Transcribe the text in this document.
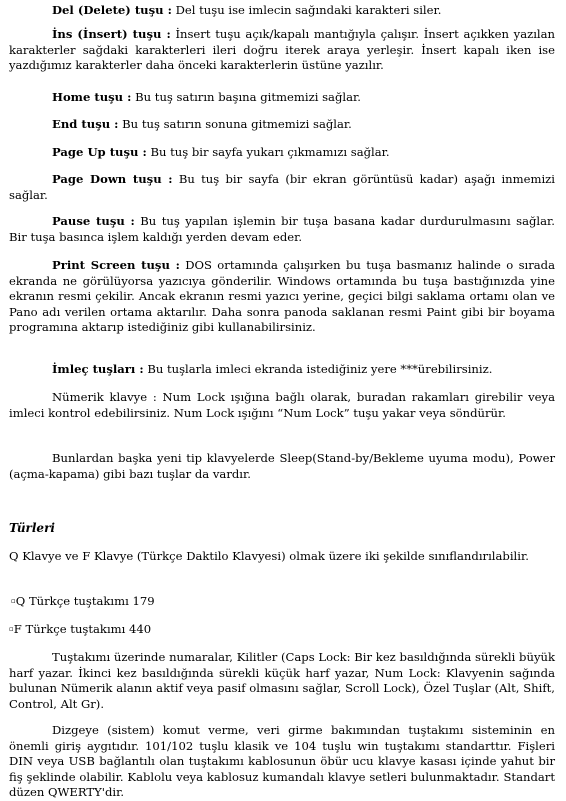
Del (Delete) tuşu : Del tuşu ise imlecin sağındaki karakteri siler.

İns (İnsert) tuşu : İnsert tuşu açık/kapalı mantığıyla çalışır. İnsert açıkken yazılan karakterler sağdaki karakterleri ileri doğru iterek araya yerleşir. İnsert kapalı iken ise yazdığımız karakterler daha önceki karakterlerin üstüne yazılır.

Home tuşu : Bu tuş satırın başına gitmemizi sağlar.

End tuşu : Bu tuş satırın sonuna gitmemizi sağlar.

Page Up tuşu : Bu tuş bir sayfa yukarı çıkmamızı sağlar.

Page Down tuşu : Bu tuş bir sayfa (bir ekran görüntüsü kadar) aşağı inmemizi sağlar.

Pause tuşu : Bu tuş yapılan işlemin bir tuşa basana kadar durdurulmasını sağlar. Bir tuşa basınca işlem kaldığı yerden devam eder.

Print Screen tuşu : DOS ortamında çalışırken bu tuşa basmanız halinde o sırada ekranda ne görülüyorsa yazıcıya gönderilir. Windows ortamında bu tuşa bastığınızda yine ekranın resmi çekilir. Ancak ekranın resmi yazıcı yerine, geçici bilgi saklama ortamı olan ve Pano adı verilen ortama aktarılır. Daha sonra panoda saklanan resmi Paint gibi bir boyama programına aktarıp istediğiniz gibi kullanabilirsiniz.

İmleç tuşları : Bu tuşlarla imleci ekranda istediğiniz yere ***ürebilirsiniz.

Nümerik klavye : Num Lock ışığına bağlı olarak, buradan rakamları girebilir veya imleci kontrol edebilirsiniz. Num Lock ışığını “Num Lock” tuşu yakar veya söndürür.

Bunlardan başka yeni tip klavyelerde Sleep(Stand-by/Bekleme uyuma modu), Power (açma-kapama) gibi bazı tuşlar da vardır.

Türleri

Q Klavye ve F Klavye (Türkçe Daktilo Klavyesi) olmak üzere iki şekilde sınıflandırılabilir.

▫Q Türkçe tuştakımı 179

▫F Türkçe tuştakımı 440

Tuştakımı üzerinde numaralar, Kilitler (Caps Lock: Bir kez basıldığında sürekli büyük harf yazar. İkinci kez basıldığında sürekli küçük harf yazar, Num Lock: Klavyenin sağında bulunan Nümerik alanın aktif veya pasif olmasını sağlar, Scroll Lock), Özel Tuşlar (Alt, Shift, Control, Alt Gr).

Dizgeye (sistem) komut verme, veri girme bakımından tuştakımı sisteminin en önemli giriş aygıtıdır. 101/102 tuşlu klasik ve 104 tuşlu win tuştakımı standarttır. Fişleri DIN veya USB bağlantılı olan tuştakımı kablosunun öbür ucu klavye kasası içinde yahut bir fiş şeklinde olabilir. Kablolu veya kablosuz kumandalı klavye setleri bulunmaktadır. Standart düzen QWERTY'dir.
